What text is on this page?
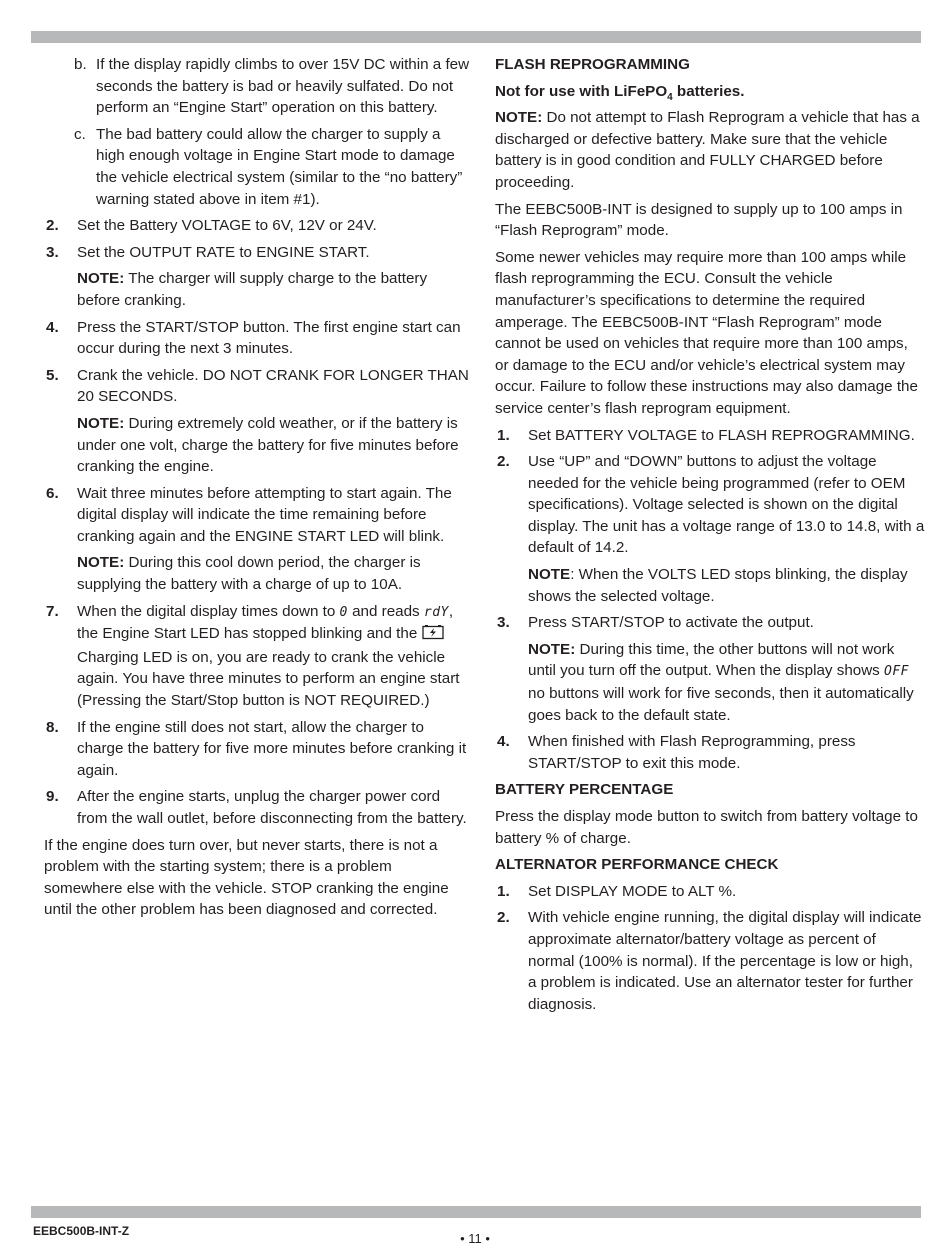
b. If the display rapidly climbs to over 15V DC within a few seconds the battery is bad or heavily sulfated. Do not perform an “Engine Start” operation on this battery.
c. The bad battery could allow the charger to supply a high enough voltage in Engine Start mode to damage the vehicle electrical system (similar to the “no battery” warning stated above in item #1).
2. Set the Battery VOLTAGE to 6V, 12V or 24V.
3. Set the OUTPUT RATE to ENGINE START.
NOTE: The charger will supply charge to the battery before cranking.
4. Press the START/STOP button. The first engine start can occur during the next 3 minutes.
5. Crank the vehicle. DO NOT CRANK FOR LONGER THAN 20 SECONDS.
NOTE: During extremely cold weather, or if the battery is under one volt, charge the battery for five minutes before cranking the engine.
6. Wait three minutes before attempting to start again. The digital display will indicate the time remaining before cranking again and the ENGINE START LED will blink.
NOTE: During this cool down period, the charger is supplying the battery with a charge of up to 10A.
7. When the digital display times down to 0 and reads rdY, the Engine Start LED has stopped blinking and the Charging LED is on, you are ready to crank the vehicle again. You have three minutes to perform an engine start (Pressing the Start/Stop button is NOT REQUIRED.)
8. If the engine still does not start, allow the charger to charge the battery for five more minutes before cranking it again.
9. After the engine starts, unplug the charger power cord from the wall outlet, before disconnecting from the battery.

If the engine does turn over, but never starts, there is not a problem with the starting system; there is a problem somewhere else with the vehicle. STOP cranking the engine until the other problem has been diagnosed and corrected.

FLASH REPROGRAMMING

Not for use with LiFePO$_4$ batteries.

NOTE: Do not attempt to Flash Reprogram a vehicle that has a discharged or defective battery. Make sure that the vehicle battery is in good condition and FULLY CHARGED before proceeding.

The EEBC500B-INT is designed to supply up to 100 amps in “Flash Reprogram” mode.

Some newer vehicles may require more than 100 amps while flash reprogramming the ECU. Consult the vehicle manufacturer’s specifications to determine the required amperage. The EEBC500B-INT “Flash Reprogram” mode cannot be used on vehicles that require more than 100 amps, or damage to the ECU and/or vehicle’s electrical system may occur. Failure to follow these instructions may also damage the service center’s flash reprogram equipment.

1. Set BATTERY VOLTAGE to FLASH REPROGRAMMING.
2. Use “UP” and “DOWN” buttons to adjust the voltage needed for the vehicle being programmed (refer to OEM specifications). Voltage selected is shown on the digital display. The unit has a voltage range of 13.0 to 14.8, with a default of 14.2.
NOTE: When the VOLTS LED stops blinking, the display shows the selected voltage.
3. Press START/STOP to activate the output.
NOTE: During this time, the other buttons will not work until you turn off the output. When the display shows OFF no buttons will work for five seconds, then it automatically goes back to the default state.
4. When finished with Flash Reprogramming, press START/STOP to exit this mode.
BATTERY PERCENTAGE

Press the display mode button to switch from battery voltage to battery % of charge.

ALTERNATOR PERFORMANCE CHECK
1. Set DISPLAY MODE to ALT %.
2. With vehicle engine running, the digital display will indicate approximate alternator/battery voltage as percent of normal (100% is normal). If the percentage is low or high, a problem is indicated. Use an alternator tester for further diagnosis.
EEBC500B-INT-Z	• 11 •
